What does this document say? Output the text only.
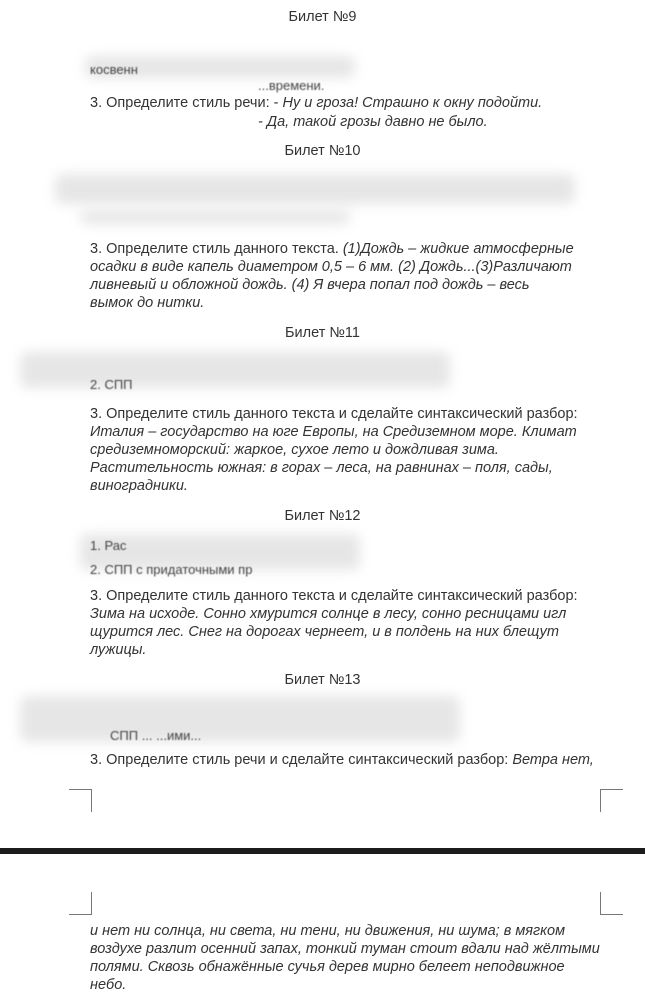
Билет №9
косвенн
...времени.
3. Определите стиль речи: - Ну и гроза! Страшно к окну подойти.
- Да, такой грозы давно не было.
Билет №10
3. Определите стиль данного текста. (1)Дождь – жидкие атмосферные
осадки в виде капель диаметром 0,5 – 6 мм. (2) Дождь...(3)Различают
ливневый и обложной дождь. (4) Я вчера попал под дождь – весь
вымок до нитки.
Билет №11
2. СПП
3. Определите стиль данного текста и сделайте синтаксический разбор:
Италия – государство на юге Европы, на Средиземном море. Климат
средиземноморский: жаркое, сухое лето и дождливая зима.
Растительность южная: в горах – леса, на равнинах – поля, сады,
виноградники.
Билет №12
1. Рас
2. СПП с придаточными пр
3. Определите стиль данного текста и сделайте синтаксический разбор:
Зима на исходе. Сонно хмурится солнце в лесу, сонно ресницами игл
щурится лес. Снег на дорогах чернеет, и в полдень на них блещут
лужицы.
Билет №13
СПП ... ...ими...
3. Определите стиль речи и сделайте синтаксический разбор: Ветра нет,
и нет ни солнца, ни света, ни тени, ни движения, ни шума; в мягком
воздухе разлит осенний запах, тонкий туман стоит вдали над жёлтыми
полями. Сквозь обнажённые сучья дерев мирно белеет неподвижное
небо.
